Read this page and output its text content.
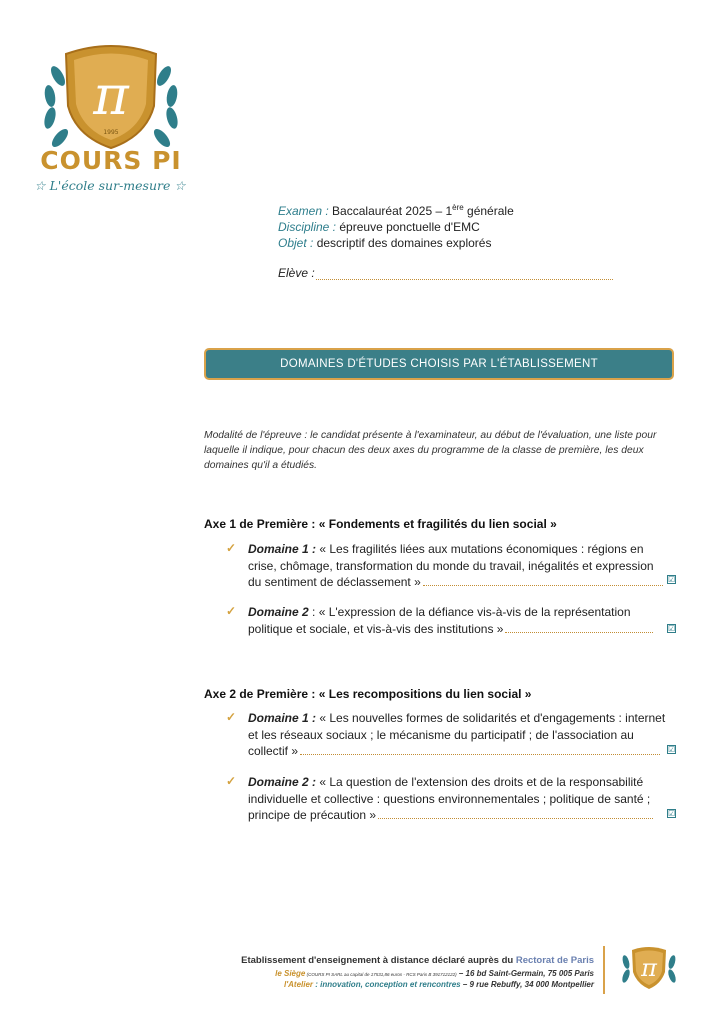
π
1995
COURS PI
☆ L'école sur-mesure ☆
Examen : Baccalauréat 2025 – 1ère générale
Discipline : épreuve ponctuelle d'EMC
Objet : descriptif des domaines explorés
Elève :
DOMAINES D'ÉTUDES CHOISIS PAR L'ÉTABLISSEMENT
Modalité de l'épreuve : le candidat présente à l'examinateur, au début de l'évaluation, une liste pour laquelle il indique, pour chacun des deux axes du programme de la classe de première, les deux domaines qu'il a étudiés.
Axe 1 de Première : « Fondements et fragilités du lien social »
✓ Domaine 1 : « Les fragilités liées aux mutations économiques : régions en crise, chômage, transformation du monde du travail, inégalités et expression du sentiment de déclassement »	☑
✓ Domaine 2 : « L'expression de la défiance vis-à-vis de la représentation politique et sociale, et vis-à-vis des institutions »	☑
Axe 2 de Première : « Les recompositions du lien social »
✓ Domaine 1 : « Les nouvelles formes de solidarités et d'engagements : internet et les réseaux sociaux ; le mécanisme du participatif ; de l'association au collectif »	☑
✓ Domaine 2 : « La question de l'extension des droits et de la responsabilité individuelle et collective : questions environnementales ; politique de santé ; principe de précaution »	☑
Etablissement d'enseignement à distance déclaré auprès du Rectorat de Paris
le Siège (COURS PI SARL au capital de 17531,86 euros - RCS Paris B 391712122) – 16 bd Saint-Germain, 75 005 Paris
l'Atelier : innovation, conception et rencontres – 9 rue Rebuffy, 34 000 Montpellier
π
